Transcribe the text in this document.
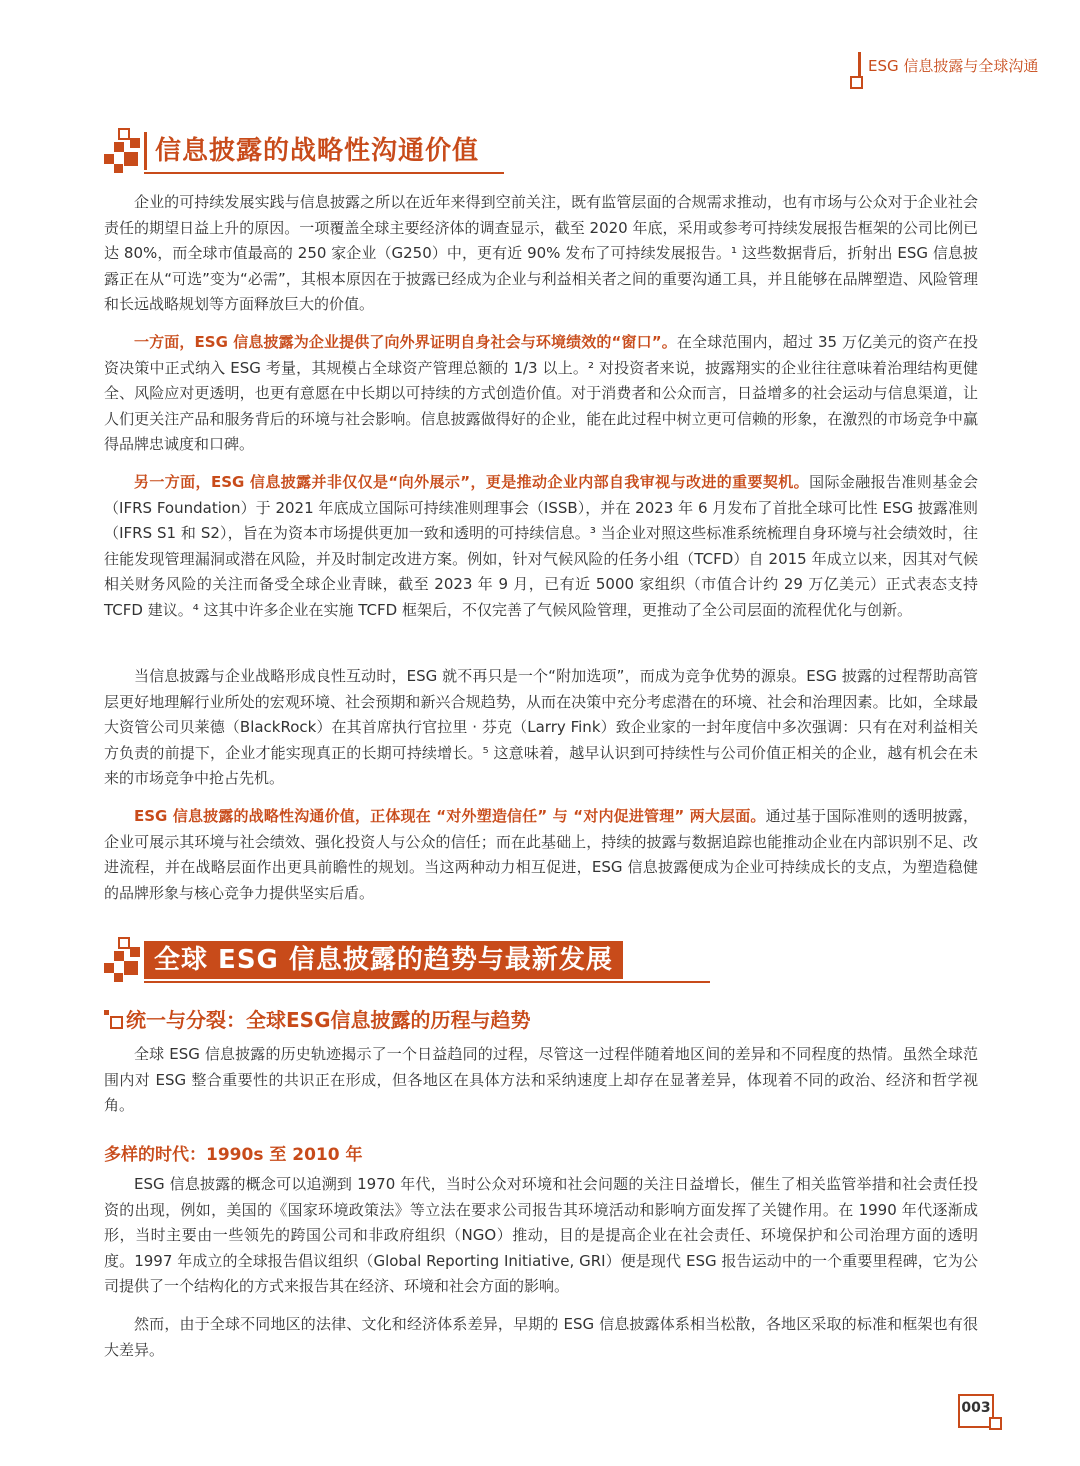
ESG 信息披露与全球沟通
信息披露的战略性沟通价值
企业的可持续发展实践与信息披露之所以在近年来得到空前关注，既有监管层面的合规需求推动，也有市场与公众对于企业社会责任的期望日益上升的原因。一项覆盖全球主要经济体的调查显示，截至 2020 年底，采用或参考可持续发展报告框架的公司比例已达 80%，而全球市值最高的 250 家企业（G250）中，更有近 90% 发布了可持续发展报告。¹ 这些数据背后，折射出 ESG 信息披露正在从“可选”变为“必需”，其根本原因在于披露已经成为企业与利益相关者之间的重要沟通工具，并且能够在品牌塑造、风险管理和长远战略规划等方面释放巨大的价值。
一方面，ESG 信息披露为企业提供了向外界证明自身社会与环境绩效的“窗口”。在全球范围内，超过 35 万亿美元的资产在投资决策中正式纳入 ESG 考量，其规模占全球资产管理总额的 1/3 以上。² 对投资者来说，披露翔实的企业往往意味着治理结构更健全、风险应对更透明，也更有意愿在中长期以可持续的方式创造价值。对于消费者和公众而言，日益增多的社会运动与信息渠道，让人们更关注产品和服务背后的环境与社会影响。信息披露做得好的企业，能在此过程中树立更可信赖的形象，在激烈的市场竞争中赢得品牌忠诚度和口碑。
另一方面，ESG 信息披露并非仅仅是“向外展示”，更是推动企业内部自我审视与改进的重要契机。国际金融报告准则基金会（IFRS Foundation）于 2021 年底成立国际可持续准则理事会（ISSB），并在 2023 年 6 月发布了首批全球可比性 ESG 披露准则（IFRS S1 和 S2），旨在为资本市场提供更加一致和透明的可持续信息。³ 当企业对照这些标准系统梳理自身环境与社会绩效时，往往能发现管理漏洞或潜在风险，并及时制定改进方案。例如，针对气候风险的任务小组（TCFD）自 2015 年成立以来，因其对气候相关财务风险的关注而备受全球企业青睐，截至 2023 年 9 月，已有近 5000 家组织（市值合计约 29 万亿美元）正式表态支持 TCFD 建议。⁴ 这其中许多企业在实施 TCFD 框架后，不仅完善了气候风险管理，更推动了全公司层面的流程优化与创新。
当信息披露与企业战略形成良性互动时，ESG 就不再只是一个“附加选项”，而成为竞争优势的源泉。ESG 披露的过程帮助高管层更好地理解行业所处的宏观环境、社会预期和新兴合规趋势，从而在决策中充分考虑潜在的环境、社会和治理因素。比如，全球最大资管公司贝莱德（BlackRock）在其首席执行官拉里 · 芬克（Larry Fink）致企业家的一封年度信中多次强调：只有在对利益相关方负责的前提下，企业才能实现真正的长期可持续增长。⁵ 这意味着，越早认识到可持续性与公司价值正相关的企业，越有机会在未来的市场竞争中抢占先机。
ESG 信息披露的战略性沟通价值，正体现在 “对外塑造信任” 与 “对内促进管理” 两大层面。通过基于国际准则的透明披露，企业可展示其环境与社会绩效、强化投资人与公众的信任；而在此基础上，持续的披露与数据追踪也能推动企业在内部识别不足、改进流程，并在战略层面作出更具前瞻性的规划。当这两种动力相互促进，ESG 信息披露便成为企业可持续成长的支点，为塑造稳健的品牌形象与核心竞争力提供坚实后盾。
全球 ESG 信息披露的趋势与最新发展
统一与分裂：全球ESG信息披露的历程与趋势
全球 ESG 信息披露的历史轨迹揭示了一个日益趋同的过程，尽管这一过程伴随着地区间的差异和不同程度的热情。虽然全球范围内对 ESG 整合重要性的共识正在形成，但各地区在具体方法和采纳速度上却存在显著差异，体现着不同的政治、经济和哲学视角。
多样的时代：1990s 至 2010 年
ESG 信息披露的概念可以追溯到 1970 年代，当时公众对环境和社会问题的关注日益增长，催生了相关监管举措和社会责任投资的出现，例如，美国的《国家环境政策法》等立法在要求公司报告其环境活动和影响方面发挥了关键作用。在 1990 年代逐渐成形，当时主要由一些领先的跨国公司和非政府组织（NGO）推动，目的是提高企业在社会责任、环境保护和公司治理方面的透明度。1997 年成立的全球报告倡议组织（Global Reporting Initiative, GRI）便是现代 ESG 报告运动中的一个重要里程碑，它为公司提供了一个结构化的方式来报告其在经济、环境和社会方面的影响。
然而，由于全球不同地区的法律、文化和经济体系差异，早期的 ESG 信息披露体系相当松散，各地区采取的标准和框架也有很大差异。
003
